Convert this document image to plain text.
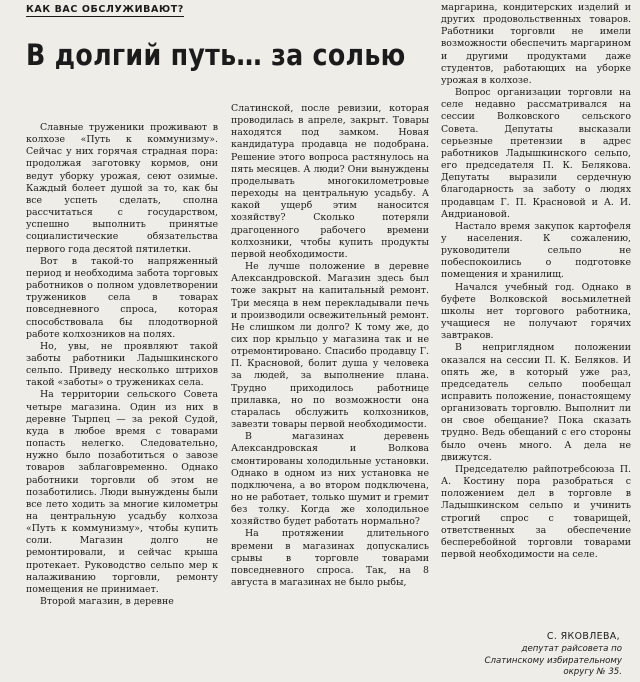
КАК ВАС ОБСЛУЖИВАЮТ?
В долгий путь… за солью

Славные труженики проживают в колхозе «Путь к коммунизму». Сейчас у них горячая страдная пора: продолжая заготовку кормов, они ведут уборку урожая, сеют озимые. Каждый болеет душой за то, как бы все успеть сделать, сполна рассчитаться с государством, успешно выполнить принятые социалистические обязательства первого года десятой пятилетки.

Вот в такой-то напряженный период и необходима забота торговых работников о полном удовлетворении тружеников села в товарах повседневного спроса, которая способствовала бы плодотворной работе колхозников на полях.

Но, увы, не проявляют такой заботы работники Ладышкинского сельпо. Приведу несколько штрихов такой «заботы» о тружениках села.

На территории сельского Совета четыре магазина. Один из них в деревне Тырпец — за рекой Судой, куда в любое время с товарами попасть нелегко. Следовательно, нужно было позаботиться о завозе товаров заблаговременно. Однако работники торговли об этом не позаботились. Люди вынуждены были все лето ходить за многие километры на центральную усадьбу колхоза «Путь к коммунизму», чтобы купить соли. Магазин долго не ремонтировали, и сейчас крыша протекает. Руководство сельпо мер к налаживанию торговли, ремонту помещения не принимает.

Второй магазин, в деревне

Слатинской, после ревизии, которая проводилась в апреле, закрыт. Товары находятся под замком. Новая кандидатура продавца не подобрана. Решение этого вопроса растянулось на пять месяцев. А люди? Они вынуждены проделывать многокилометровые переходы на центральную усадьбу. А какой ущерб этим наносится хозяйству? Сколько потеряли драгоценного рабочего времени колхозники, чтобы купить продукты первой необходимости.

Не лучше положение в деревне Александровской. Магазин здесь был тоже закрыт на капитальный ремонт. Три месяца в нем перекладывали печь и производили освежительный ремонт. Не слишком ли долго? К тому же, до сих пор крыльцо у магазина так и не отремонтировано. Спасибо продавцу Г. П. Красновой, болит душа у человека за людей, за выполнение плана. Трудно приходилось работнице прилавка, но по возможности она старалась обслужить колхозников, завезти товары первой необходимости.

В магазинах деревень Александровская и Волкова смонтированы холодильные установки. Однако в одном из них установка не подключена, а во втором подключена, но не работает, только шумит и гремит без толку. Когда же холодильное хозяйство будет работать нормально?

На протяжении длительного времени в магазинах допускались срывы в торговле товарами повседневного спроса. Так, на 8 августа в магазинах не было рыбы,

маргарина, кондитерских изделий и других продовольственных товаров. Работники торговли не имели возможности обеспечить маргарином и другими продуктами даже студентов, работающих на уборке урожая в колхозе.

Вопрос организации торговли на селе недавно рассматривался на сессии Волковского сельского Совета. Депутаты высказали серьезные претензии в адрес работников Ладышкинского сельпо, его председателя П. К. Белякова. Депутаты выразили сердечную благодарность за заботу о людях продавцам Г. П. Красновой и А. И. Андриановой.

Настало время закупок картофеля у населения. К сожалению, руководители сельпо не побеспокоились о подготовке помещения и хранилищ.

Начался учебный год. Однако в буфете Волковской восьмилетней школы нет торгового работника, учащиеся не получают горячих завтраков.

В неприглядном положении оказался на сессии П. К. Беляков. И опять же, в который уже раз, председатель сельпо пообещал исправить положение, понастоящему организовать торговлю. Выполнит ли он свое обещание? Пока сказать трудно. Ведь обещаний с его стороны было очень много. А дела не движутся.

Председателю райпотребсоюза П. А. Костину пора разобраться с положением дел в торговле в Ладышкинском сельпо и учинить строгий спрос с товарищей, ответственных за обеспечение бесперебойной торговли товарами первой необходимости на селе.

С. ЯКОВЛЕВА,
депутат райсовета по Слатинскому избирательному округу № 35.
